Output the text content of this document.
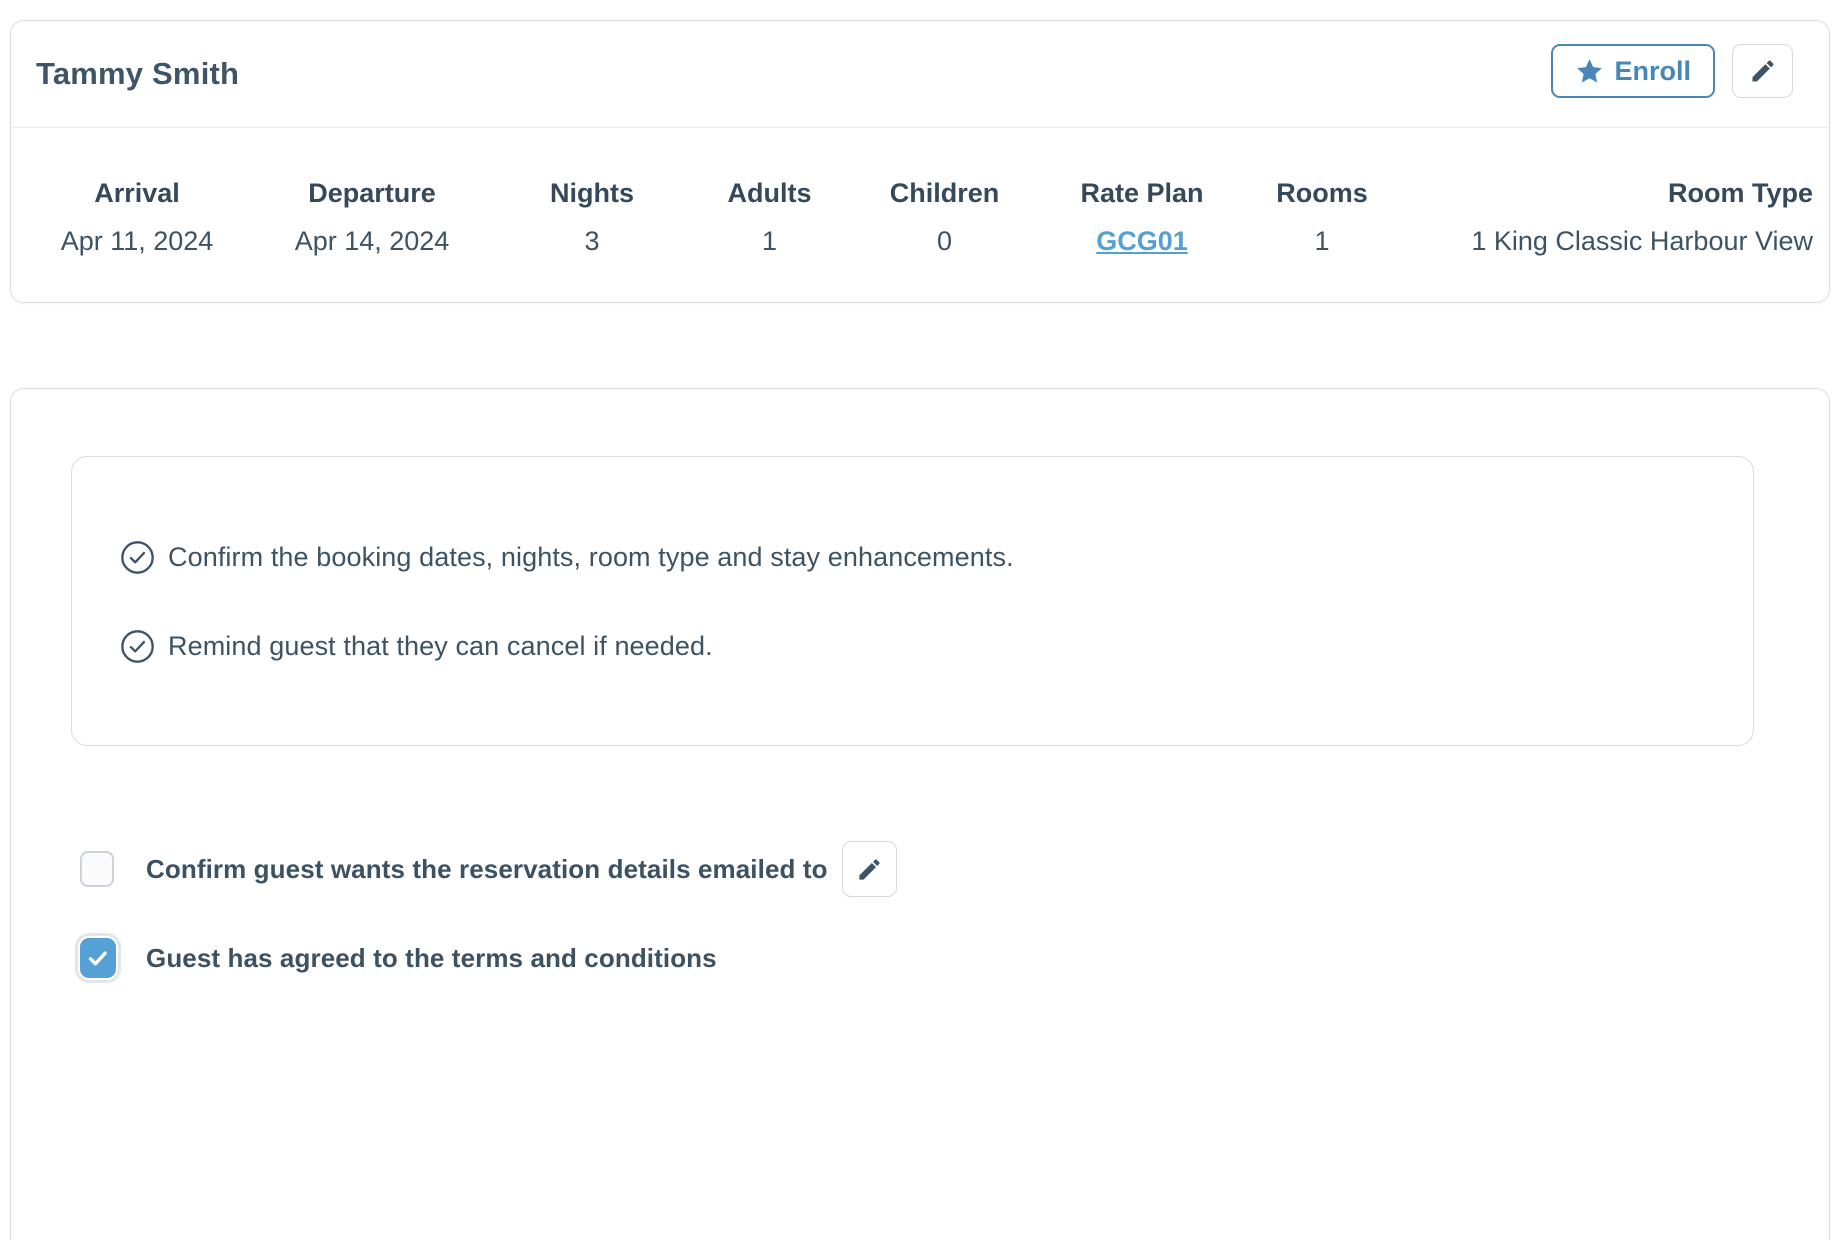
Tammy Smith	Enroll
Arrival
Apr 11, 2024
Departure
Apr 14, 2024
Nights
3
Adults
1
Children
0
Rate Plan
GCG01
Rooms
1
Room Type
1 King Classic Harbour View
Confirm the booking dates, nights, room type and stay enhancements.
Remind guest that they can cancel if needed.
Confirm guest wants the reservation details emailed to
Guest has agreed to the terms and conditions
